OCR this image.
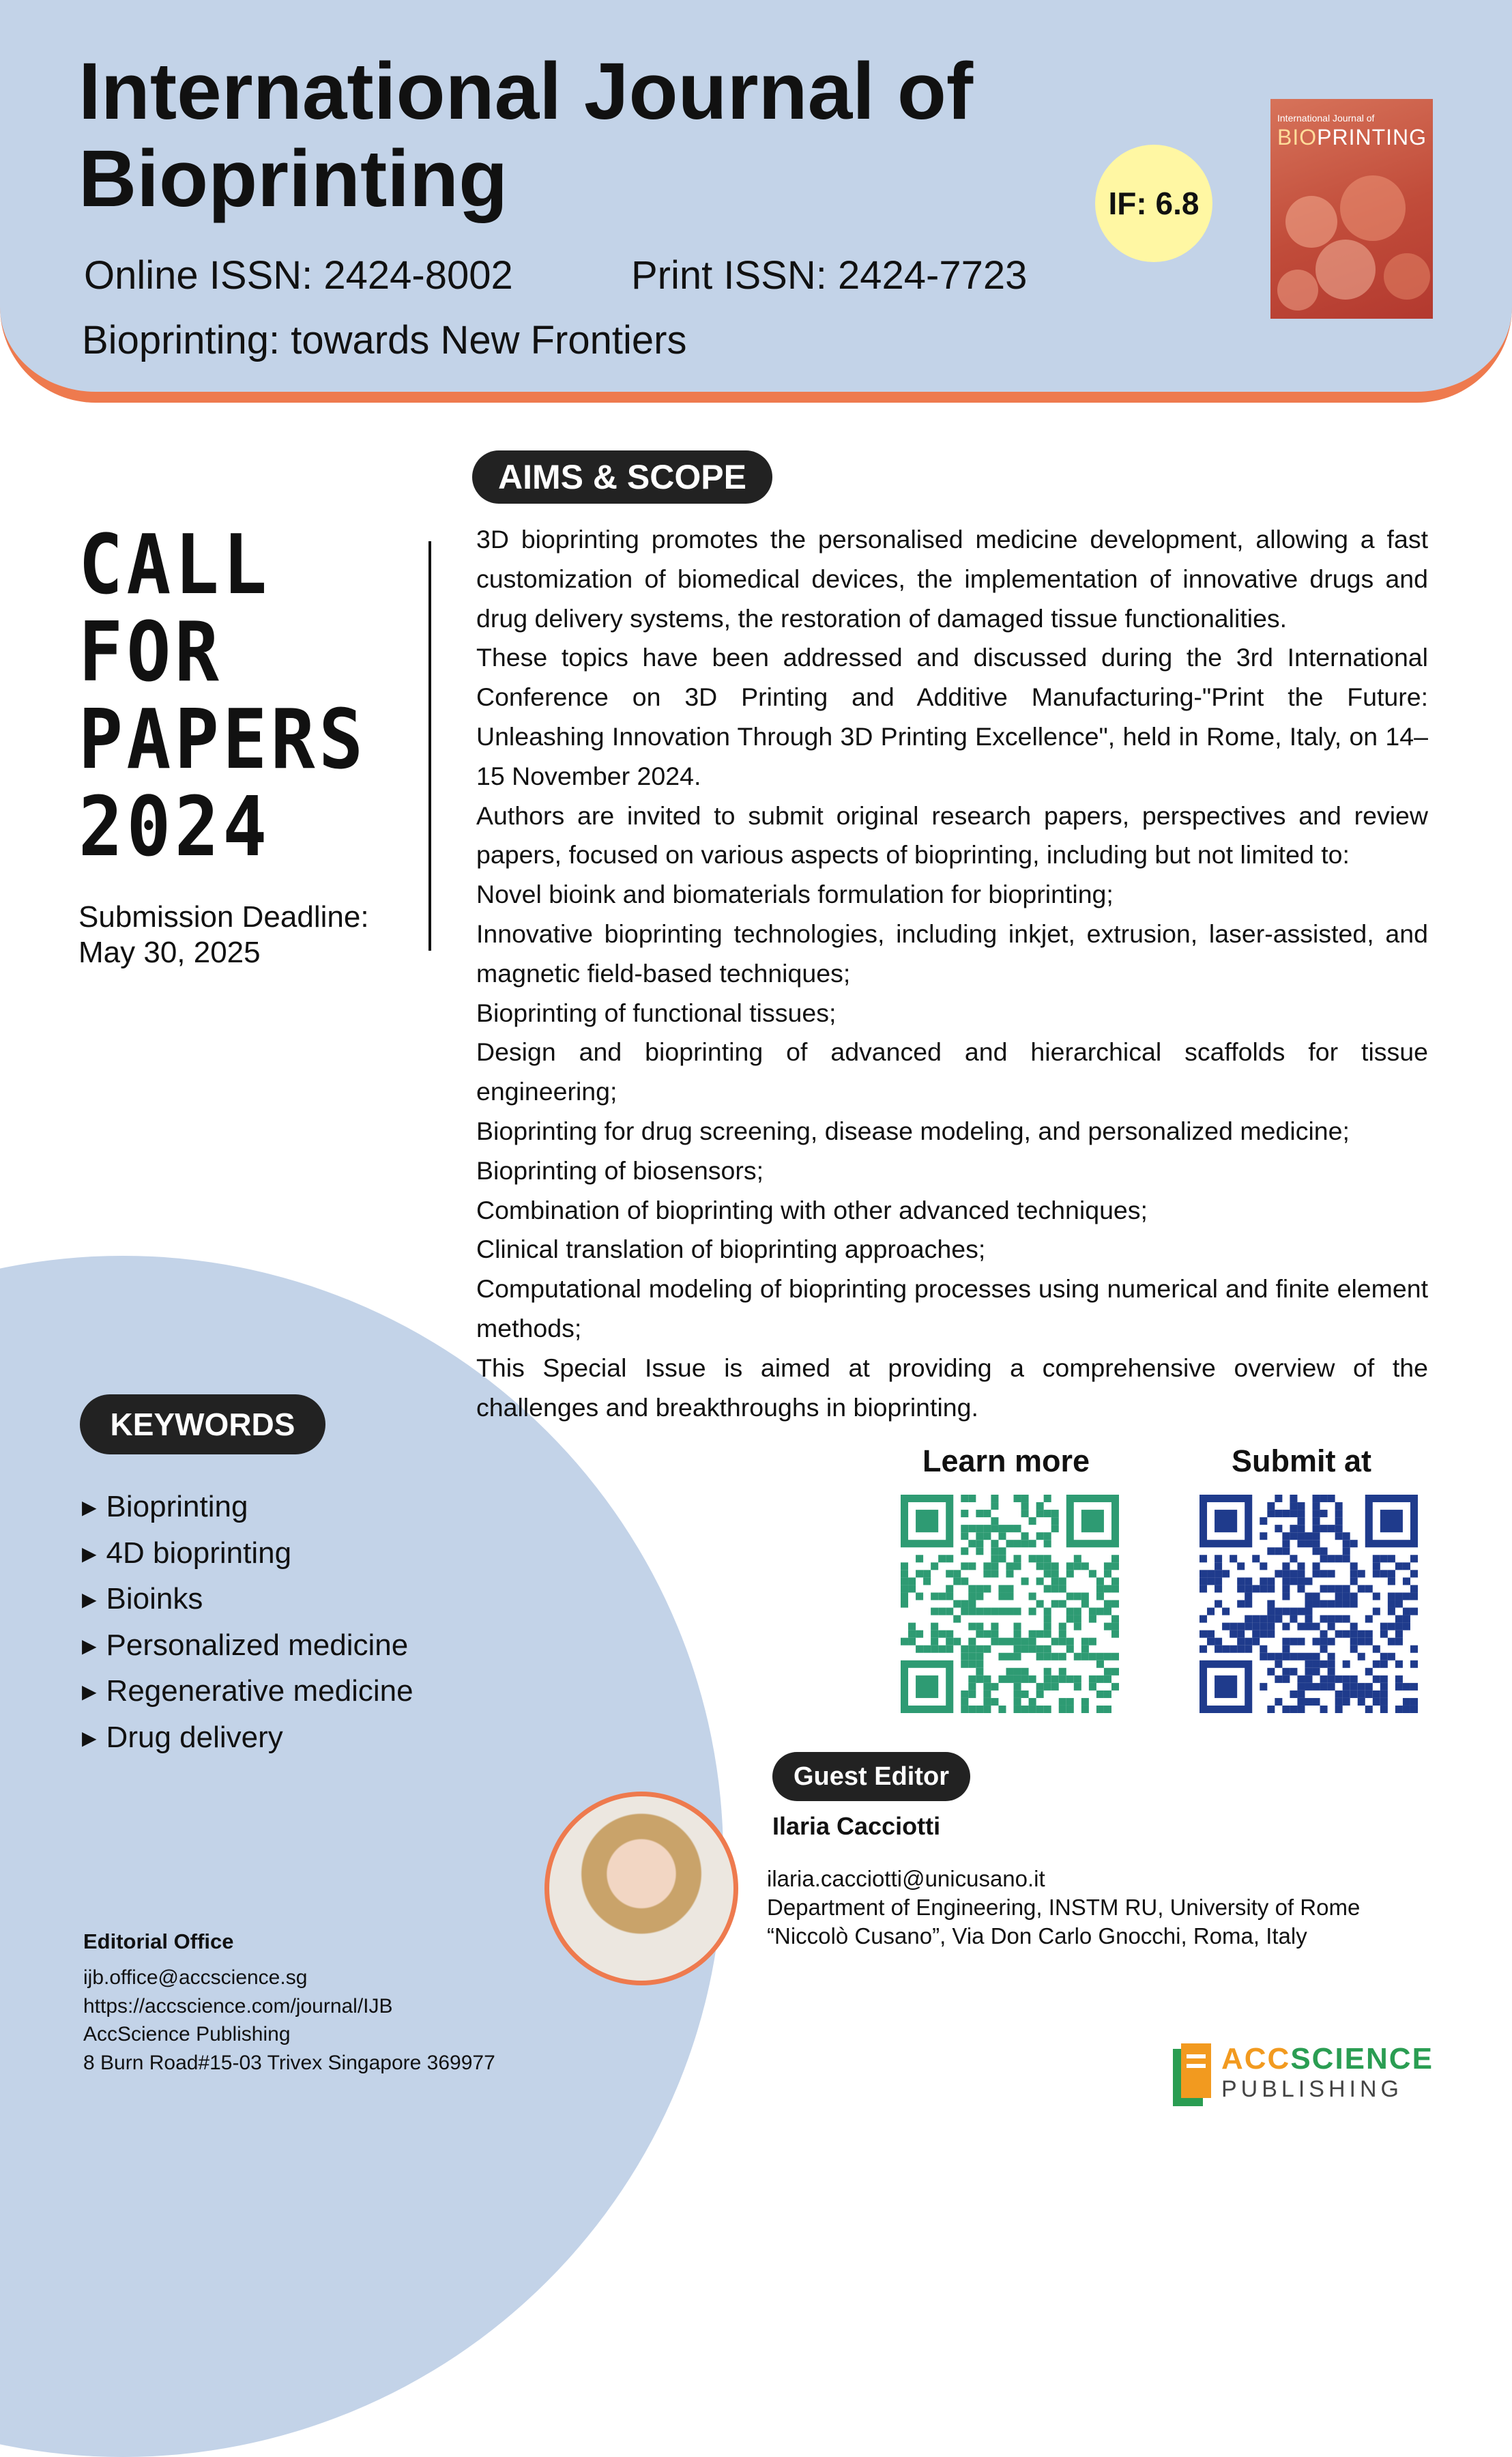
International Journal of Bioprinting
Online ISSN: 2424-8002	Print ISSN: 2424-7723
Bioprinting: towards New Frontiers
IF: 6.8
International Journal of
BIOPRINTING
CALL
FOR
PAPERS
2024
Submission Deadline:
May 30, 2025
AIMS & SCOPE

3D bioprinting promotes the personalised medicine development, allowing a fast customization of biomedical devices, the implementation of innovative drugs and drug delivery systems, the restoration of damaged tissue functionalities.

These topics have been addressed and discussed during the 3rd International Conference on 3D Printing and Additive Manufacturing-"Print the Future: Unleashing Innovation Through 3D Printing Excellence", held in Rome, Italy, on 14–15 November 2024.

Authors are invited to submit original research papers, perspectives and review papers, focused on various aspects of bioprinting, including but not limited to:

Novel bioink and biomaterials formulation for bioprinting;

Innovative bioprinting technologies, including inkjet, extrusion, laser-assisted, and magnetic field-based techniques;

Bioprinting of functional tissues;

Design and bioprinting of advanced and hierarchical scaffolds for tissue engineering;

Bioprinting for drug screening, disease modeling, and personalized medicine;

Bioprinting of biosensors;

Combination of bioprinting with other advanced techniques;

Clinical translation of bioprinting approaches;

Computational modeling of bioprinting processes using numerical and finite element methods;

This Special Issue is aimed at providing a comprehensive overview of the challenges and breakthroughs in bioprinting.

KEYWORDS
▶ Bioprinting
▶ 4D bioprinting
▶ Bioinks
▶ Personalized medicine
▶ Regenerative medicine
▶ Drug delivery
Learn more	Submit at
Guest Editor
Ilaria Cacciotti
ilaria.cacciotti@unicusano.it
Department of Engineering, INSTM RU, University of Rome
“Niccolò Cusano”, Via Don Carlo Gnocchi, Roma, Italy
Editorial Office
ijb.office@accscience.sg
https://accscience.com/journal/IJB
AccScience Publishing
8 Burn Road#15-03 Trivex Singapore 369977	ACCSCIENCE
PUBLISHING
